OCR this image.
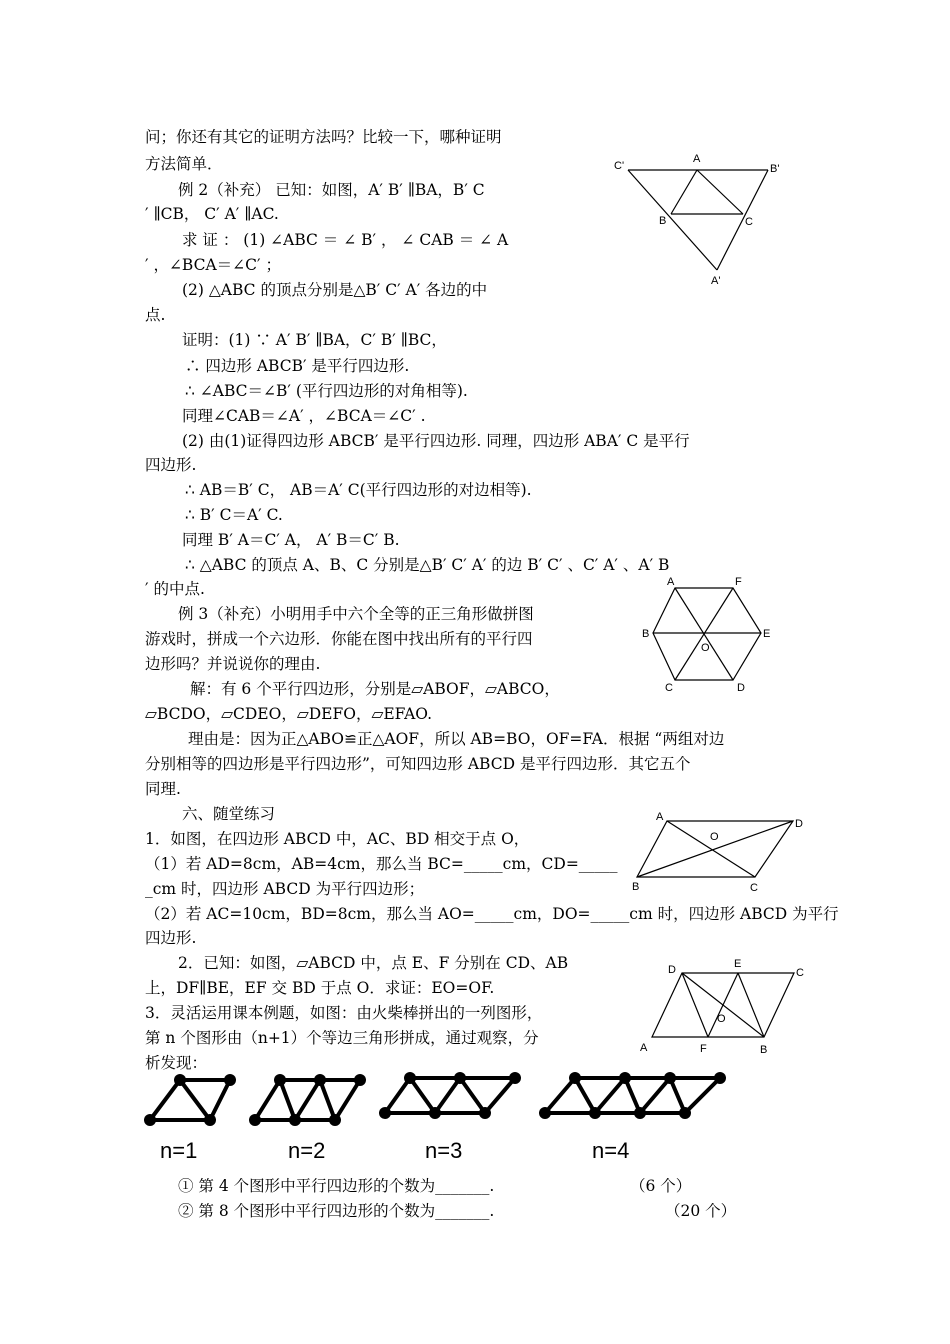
问；你还有其它的证明方法吗？比较一下，哪种证明
方法简单．
例 2（补充） 已知：如图，A′ B′ ∥BA，B′ C
′ ∥CB， C′ A′ ∥AC.
求 证 ： (1) ∠ABC ＝ ∠ B′ ， ∠ CAB ＝ ∠ A
′ ，∠BCA＝∠C′ ；
(2) △ABC 的顶点分别是△B′ C′ A′ 各边的中
点.
证明：(1) ∵ A′ B′ ∥BA，C′ B′ ∥BC，
∴ 四边形 ABCB′ 是平行四边形.
∴ ∠ABC＝∠B′ (平行四边形的对角相等).
同理∠CAB＝∠A′ ，∠BCA＝∠C′ .
(2) 由(1)证得四边形 ABCB′ 是平行四边形. 同理，四边形 ABA′ C 是平行
四边形.
∴ AB＝B′ C， AB＝A′ C(平行四边形的对边相等).
∴ B′ C＝A′ C.
同理 B′ A＝C′ A， A′ B＝C′ B.
∴ △ABC 的顶点 A、B、C 分别是△B′ C′ A′ 的边 B′ C′ 、C′ A′ 、A′ B
′ 的中点.
例 3（补充）小明用手中六个全等的正三角形做拼图
游戏时，拼成一个六边形．你能在图中找出所有的平行四
边形吗？并说说你的理由.
解：有 6 个平行四边形，分别是▱ABOF，▱ABCO，
▱BCDO，▱CDEO，▱DEFO，▱EFAO.
理由是：因为正△ABO≌正△AOF，所以 AB=BO，OF=FA．根据 “两组对边
分别相等的四边形是平行四边形”，可知四边形 ABCD 是平行四边形．其它五个
同理.
六、随堂练习
1．如图，在四边形 ABCD 中，AC、BD 相交于点 O，
（1）若 AD=8cm，AB=4cm，那么当 BC=_____cm，CD=_____
_cm 时，四边形 ABCD 为平行四边形；
（2）若 AC=10cm，BD=8cm，那么当 AO=_____cm，DO=_____cm 时，四边形 ABCD 为平行
四边形.
2．已知：如图，▱ABCD 中，点 E、F 分别在 CD、AB
上，DF∥BE，EF 交 BD 于点 O．求证：EO=OF.
3．灵活运用课本例题，如图：由火柴棒拼出的一列图形，
第 n 个图形由（n+1）个等边三角形拼成，通过观察，分
析发现：
① 第 4 个图形中平行四边形的个数为_______.	（6 个）
② 第 8 个图形中平行四边形的个数为_______.	（20 个）
C'
A
B'
B	C
A'
A	F
B	E
O
C	D
A
O
D
B	C
D	E
C
O
A	F	B
n=1	n=2	n=3	n=4
